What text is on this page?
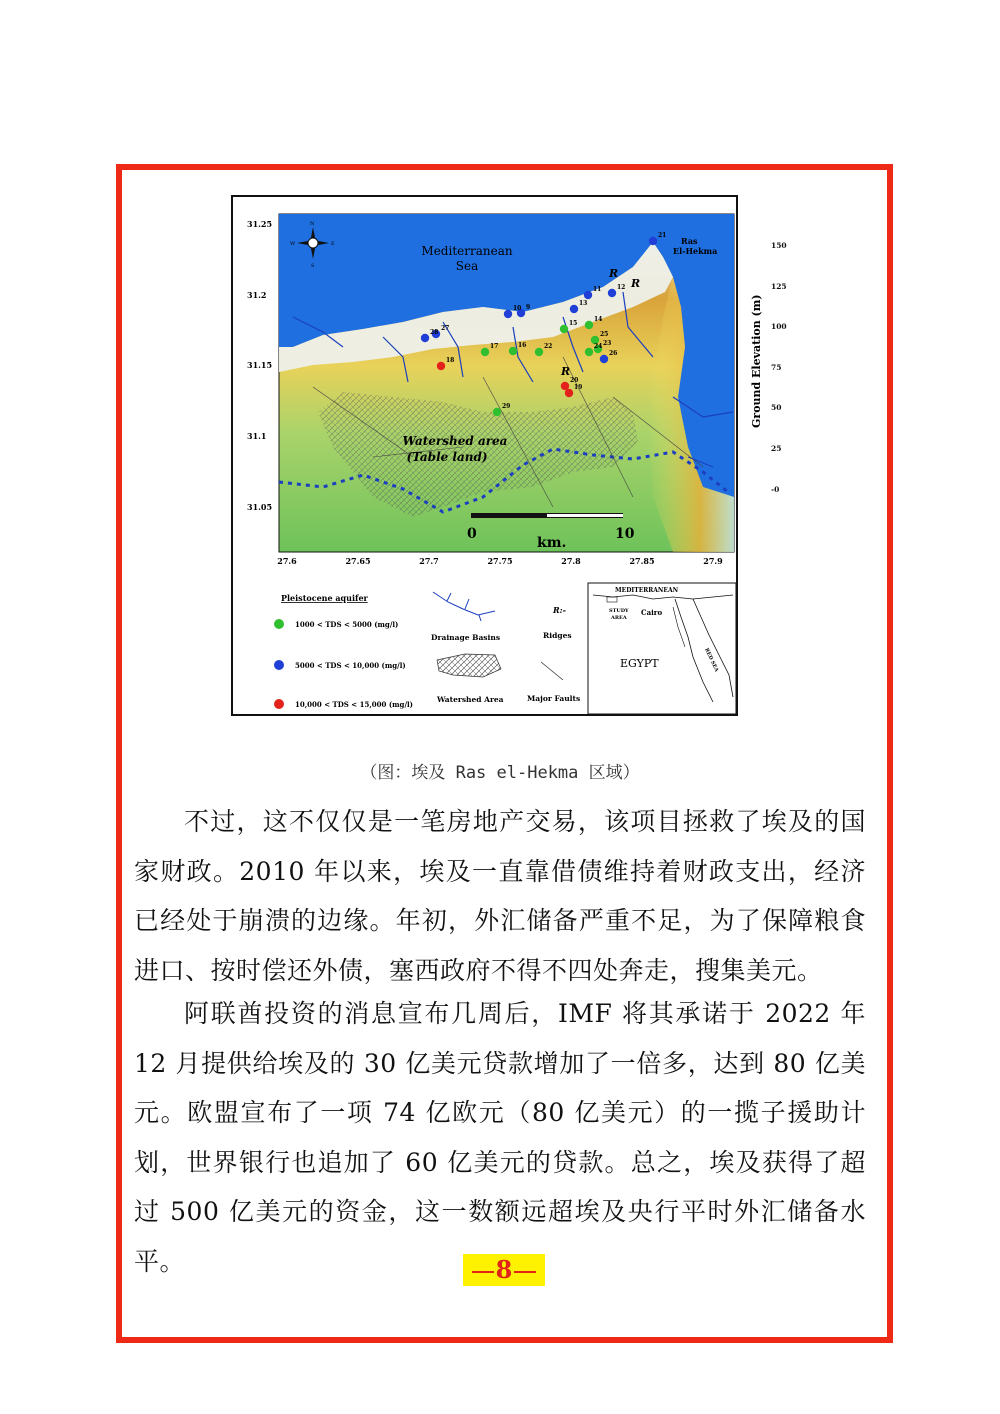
0	10
km.
Mediterranean
Sea
Ras
El-Hekma
Watershed area
(Table land)
R
R
R
N
S
W	E
21
11	12
13
9
10
27
28
26
15
14
25
23
24
22
16
17
29
18
20
19
31.25
31.2
31.15
31.1
31.05
27.6	27.65	27.7	27.75	27.8	27.85	27.9
Pleistocene aquifer
1000 < TDS < 5000 (mg/l)
5000 < TDS < 10,000 (mg/l)
10,000 < TDS < 15,000 (mg/l)
Drainage Basins
Watershed Area
R:-
Ridges
Major Faults
MEDITERRANEAN
STUDY
AREA
Cairo
EGYPT	RED SEA
150
125
100
75
50
25
-0
Ground Elevation (m)
（图：埃及 Ras el-Hekma 区域）

不过，这不仅仅是一笔房地产交易，该项目拯救了埃及的国家财政。2010 年以来，埃及一直靠借债维持着财政支出，经济已经处于崩溃的边缘。年初，外汇储备严重不足，为了保障粮食进口、按时偿还外债，塞西政府不得不四处奔走，搜集美元。

阿联酋投资的消息宣布几周后，IMF 将其承诺于 2022 年 12 月提供给埃及的 30 亿美元贷款增加了一倍多，达到 80 亿美元。欧盟宣布了一项 74 亿欧元（80 亿美元）的一揽子援助计划，世界银行也追加了 60 亿美元的贷款。总之，埃及获得了超过 500 亿美元的资金，这一数额远超埃及央行平时外汇储备水平。	8
